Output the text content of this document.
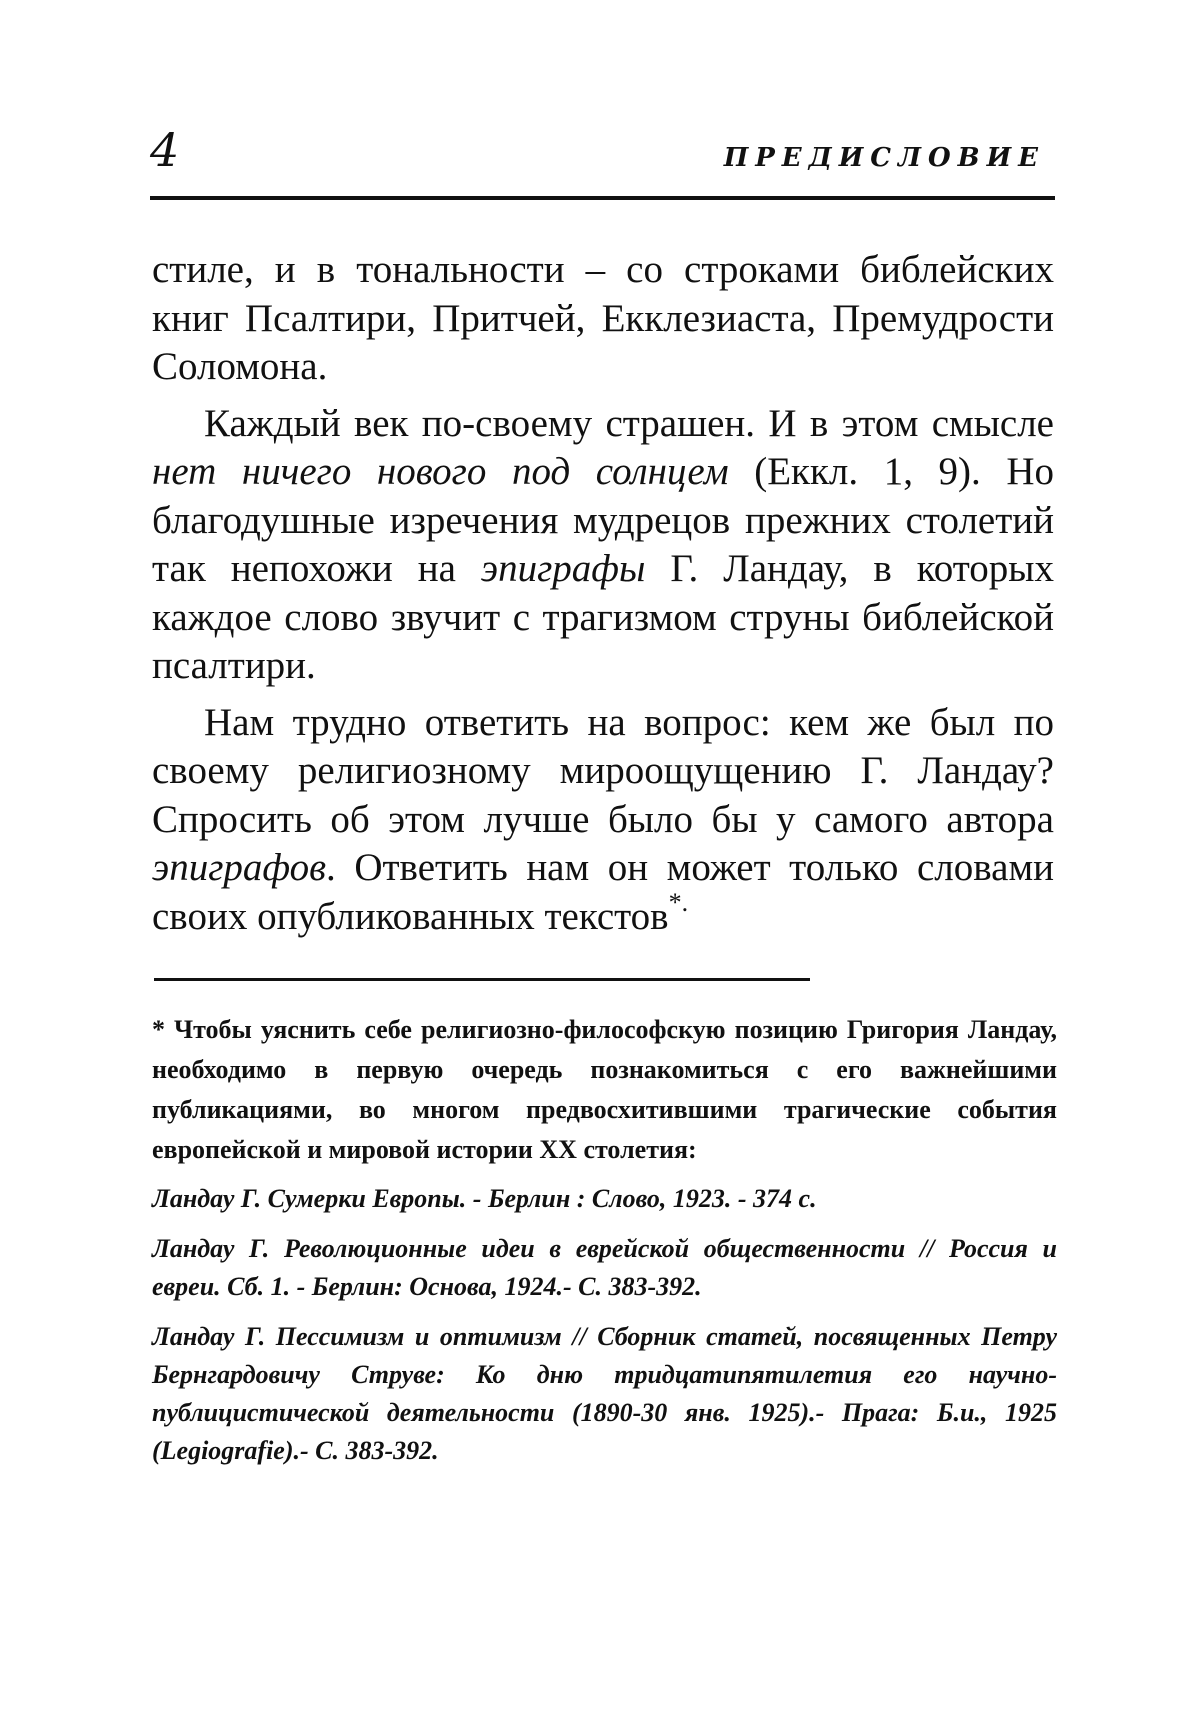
4	ПРЕДИСЛОВИЕ

стиле, и в тональности – со строками библейских книг Псалтири, Притчей, Екклезиаста, Премудрости Соломона.

Каждый век по-своему страшен. И в этом смысле нет ничего нового под солнцем (Еккл. 1, 9). Но благодушные изречения мудрецов прежних столетий так непохожи на эпиграфы Г. Ландау, в которых каждое слово звучит с трагизмом струны библейской псалтири.

Нам трудно ответить на вопрос: кем же был по своему религиозному мироощущению Г. Ландау? Спросить об этом лучше было бы у самого автора эпиграфов. Ответить нам он может только словами своих опубликованных текстов*.

* Чтобы уяснить себе религиозно-философскую позицию Григория Ландау, необходимо в первую очередь познакомиться с его важнейшими публикациями, во многом предвосхитившими трагические события европейской и мировой истории XX столетия:

Ландау Г. Сумерки Европы. - Берлин : Слово, 1923. - 374 с.

Ландау Г. Революционные идеи в еврейской общественности // Россия и евреи. Сб. 1. - Берлин: Основа, 1924.- С. 383-392.

Ландау Г. Пессимизм и оптимизм // Сборник статей, посвященных Петру Бернгардовичу Струве: Ко дню тридцатипятилетия его научно-публицистической деятельности (1890-30 янв. 1925).- Прага: Б.и., 1925 (Legiografie).- С. 383-392.
